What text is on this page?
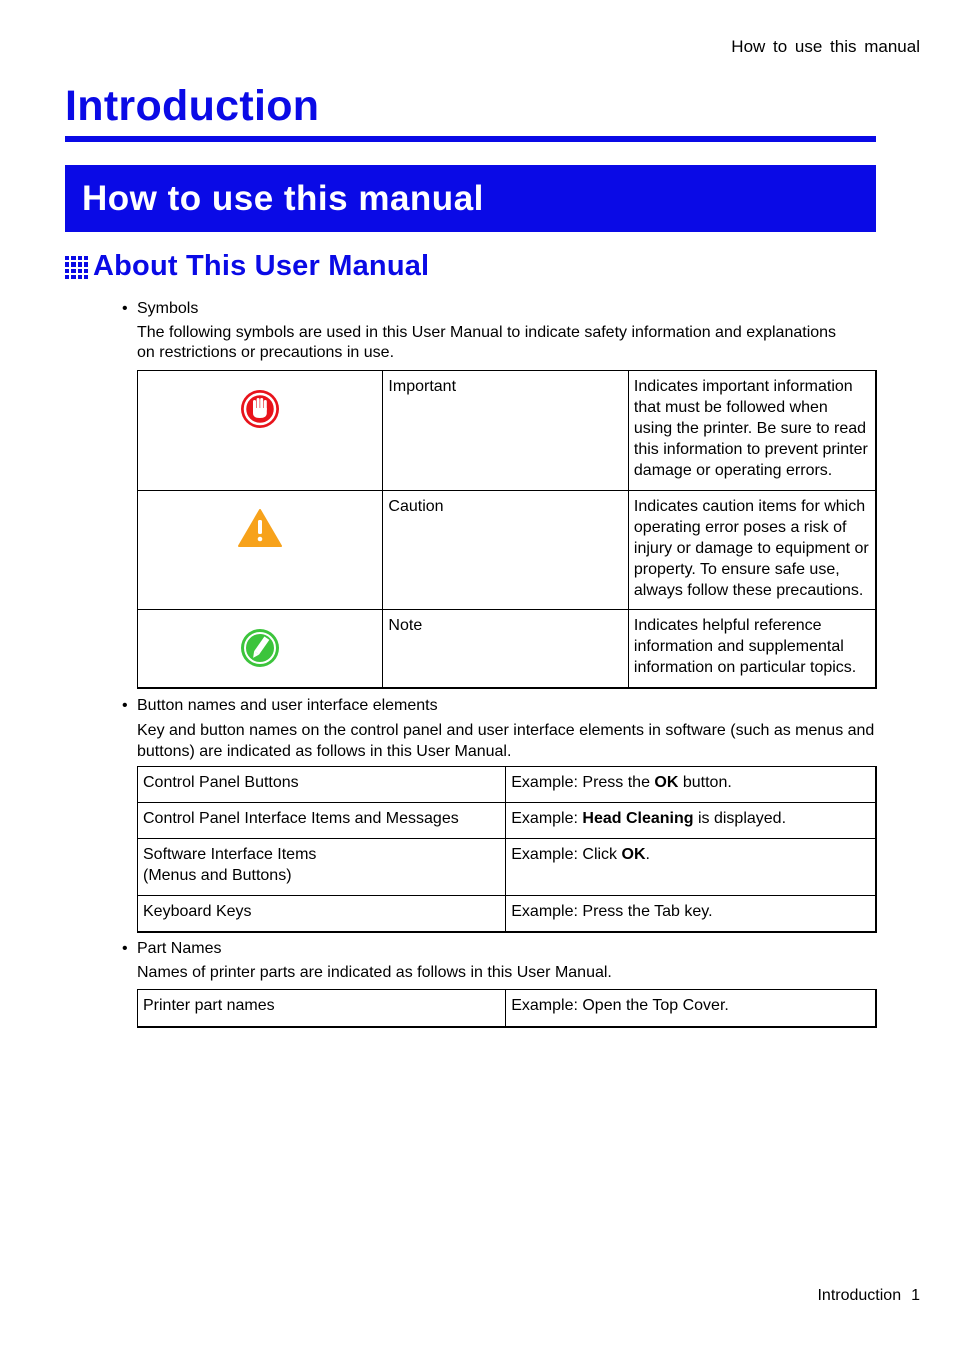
How to use this manual
Introduction
How to use this manual
About This User Manual
• Symbols
The following symbols are used in this User Manual to indicate safety information and explanations on restrictions or precautions in use.
	Important	Indicates important information that must be followed when using the printer. Be sure to read this information to prevent printer damage or operating errors.
	Caution	Indicates caution items for which operating error poses a risk of injury or damage to equipment or property. To ensure safe use, always follow these precautions.
	Note	Indicates helpful reference information and supplemental information on particular topics.
• Button names and user interface elements
Key and button names on the control panel and user interface elements in software (such as menus and buttons) are indicated as follows in this User Manual.
Control Panel Buttons	Example: Press the OK button.
Control Panel Interface Items and Messages	Example: Head Cleaning is displayed.
Software Interface Items
(Menus and Buttons)	Example: Click OK.
Keyboard Keys	Example: Press the Tab key.
• Part Names
Names of printer parts are indicated as follows in this User Manual.
Printer part names	Example: Open the Top Cover.
Introduction 1
